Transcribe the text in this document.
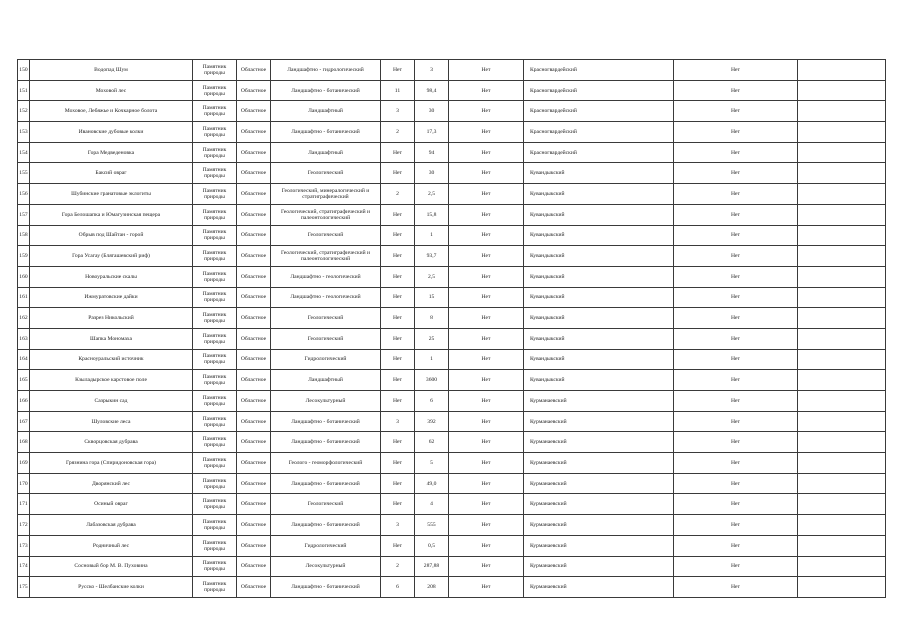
150	Водопад Шум	Памятник природы	Областное	Ландшафтно - гидрологический	Нет	3	Нет	Красногвардейский	Нет	
151	Моховой лес	Памятник природы	Областное	Ландшафтно - ботанический	11	98,4	Нет	Красногвардейский	Нет	
152	Моховое, Лебяжье и Кочкарное болота	Памятник природы	Областное	Ландшафтный	3	30	Нет	Красногвардейский	Нет	
153	Ивановские дубовые колки	Памятник природы	Областное	Ландшафтно - ботанический	2	17,3	Нет	Красногвардейский	Нет	
154	Гора Медведеновка	Памятник природы	Областное	Ландшафтный	Нет	94	Нет	Красногвардейский	Нет	
155	Баксий овраг	Памятник природы	Областное	Геологический	Нет	30	Нет	Кувандыкский	Нет	
156	Шубинские гранатовые эклогиты	Памятник природы	Областное	Геологический, минералогический и стратиграфический	2	2,5	Нет	Кувандыкский	Нет	
157	Гора Белошапка и Юмагузинская пещера	Памятник природы	Областное	Геологический, стратиграфический и палеонтологический	Нет	15,8	Нет	Кувандыкский	Нет	
158	Обрыв под Шайтан - горой	Памятник природы	Областное	Геологический	Нет	1	Нет	Кувандыкский	Нет	
159	Гора Усагау (Блягашевский риф)	Памятник природы	Областное	Геологический, стратиграфический и палеонтологический	Нет	93,7	Нет	Кувандыкский	Нет	
160	Новоуральские скалы	Памятник природы	Областное	Ландшафтно - геологический	Нет	2,5	Нет	Кувандыкский	Нет	
161	Ижмуратовские дайки	Памятник природы	Областное	Ландшафтно - геологический	Нет	15	Нет	Кувандыкский	Нет	
162	Разрез Никольский	Памятник природы	Областное	Геологический	Нет	8	Нет	Кувандыкский	Нет	
163	Шапка Мономаха	Памятник природы	Областное	Геологический	Нет	25	Нет	Кувандыкский	Нет	
164	Красноуральский источник	Памятник природы	Областное	Гидрологический	Нет	1	Нет	Кувандыкский	Нет	
165	Кзыладырское карстовое поле	Памятник природы	Областное	Ландшафтный	Нет	3600	Нет	Кувандыкский	Нет	
166	Сазрыкин сад	Памятник природы	Областное	Лесокультурный	Нет	6	Нет	Курманаевский	Нет	
167	Шуловские леса	Памятник природы	Областное	Ландшафтно - ботанический	3	392	Нет	Курманаевский	Нет	
168	Скворцовская дубрава	Памятник природы	Областное	Ландшафтно - ботанический	Нет	62	Нет	Курманаевский	Нет	
169	Грязнина гора (Спиридоновская гора)	Памятник природы	Областное	Геолого - геоморфологический	Нет	5	Нет	Курманаевский	Нет	
170	Дворянский лес	Памятник природы	Областное	Ландшафтно - ботанический	Нет	49,0	Нет	Курманаевский	Нет	
171	Осиный овраг	Памятник природы	Областное	Геологический	Нет	4	Нет	Курманаевский	Нет	
172	Лабазовская дубрава	Памятник природы	Областное	Ландшафтно - ботанический	3	555	Нет	Курманаевский	Нет	
173	Родничный лес	Памятник природы	Областное	Гидрологический	Нет	0,5	Нет	Курманаевский	Нет	
174	Сосновый бор М. В. Пуховина	Памятник природы	Областное	Лесокультурный	2	287,88	Нет	Курманаевский	Нет	
175	Русско - Шелбанские колки	Памятник природы	Областное	Ландшафтно - ботанический	6	208	Нет	Курманаевский	Нет	
